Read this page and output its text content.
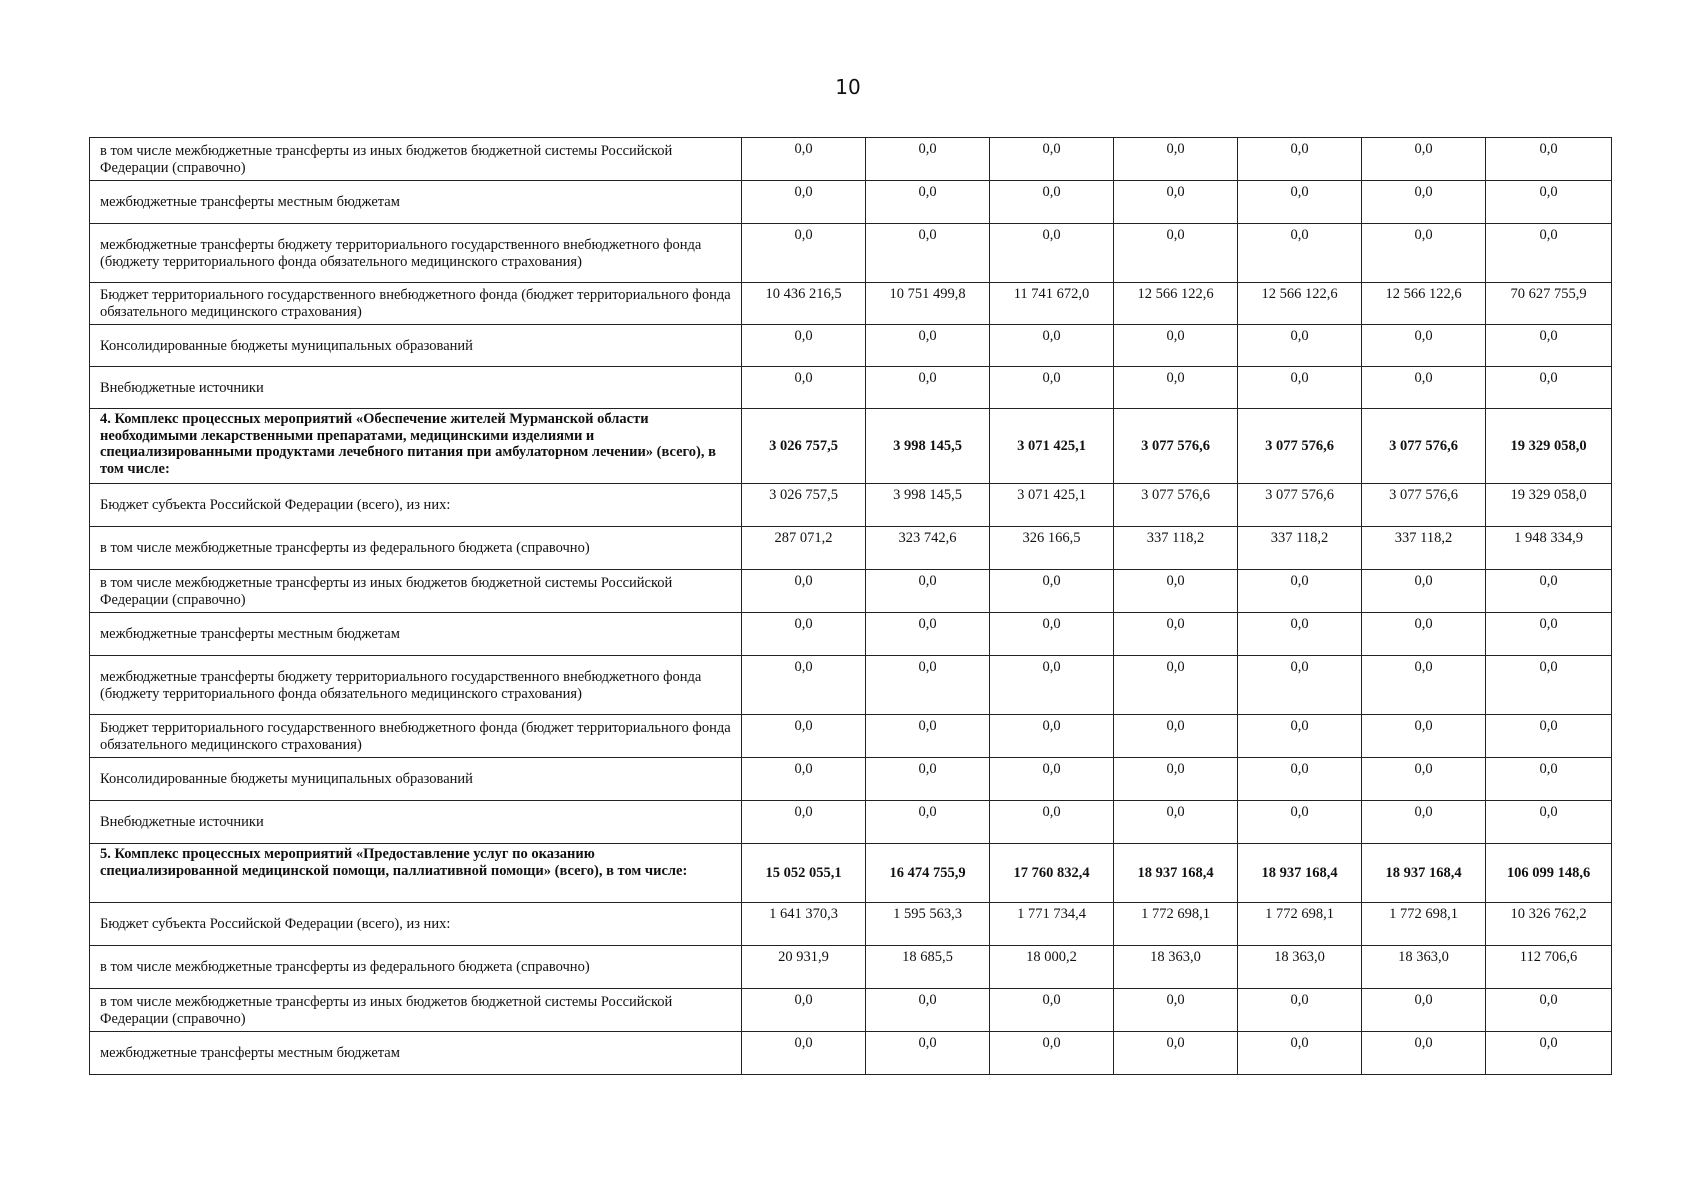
10
в том числе межбюджетные трансферты из иных бюджетов бюджетной системы Российской Федерации (справочно)	0,0	0,0	0,0	0,0	0,0	0,0	0,0
межбюджетные трансферты местным бюджетам	0,0	0,0	0,0	0,0	0,0	0,0	0,0
межбюджетные трансферты бюджету территориального государственного внебюджетного фонда (бюджету территориального фонда обязательного медицинского страхования)	0,0	0,0	0,0	0,0	0,0	0,0	0,0
Бюджет территориального государственного внебюджетного фонда (бюджет территориального фонда обязательного медицинского страхования)	10 436 216,5	10 751 499,8	11 741 672,0	12 566 122,6	12 566 122,6	12 566 122,6	70 627 755,9
Консолидированные бюджеты муниципальных образований	0,0	0,0	0,0	0,0	0,0	0,0	0,0
Внебюджетные источники	0,0	0,0	0,0	0,0	0,0	0,0	0,0
4. Комплекс процессных мероприятий «Обеспечение жителей Мурманской области необходимыми лекарственными препаратами, медицинскими изделиями и специализированными продуктами лечебного питания при амбулаторном лечении» (всего), в том числе:	3 026 757,5	3 998 145,5	3 071 425,1	3 077 576,6	3 077 576,6	3 077 576,6	19 329 058,0
Бюджет субъекта Российской Федерации (всего), из них:	3 026 757,5	3 998 145,5	3 071 425,1	3 077 576,6	3 077 576,6	3 077 576,6	19 329 058,0
в том числе межбюджетные трансферты из федерального бюджета (справочно)	287 071,2	323 742,6	326 166,5	337 118,2	337 118,2	337 118,2	1 948 334,9
в том числе межбюджетные трансферты из иных бюджетов бюджетной системы Российской Федерации (справочно)	0,0	0,0	0,0	0,0	0,0	0,0	0,0
межбюджетные трансферты местным бюджетам	0,0	0,0	0,0	0,0	0,0	0,0	0,0
межбюджетные трансферты бюджету территориального государственного внебюджетного фонда (бюджету территориального фонда обязательного медицинского страхования)	0,0	0,0	0,0	0,0	0,0	0,0	0,0
Бюджет территориального государственного внебюджетного фонда (бюджет территориального фонда обязательного медицинского страхования)	0,0	0,0	0,0	0,0	0,0	0,0	0,0
Консолидированные бюджеты муниципальных образований	0,0	0,0	0,0	0,0	0,0	0,0	0,0
Внебюджетные источники	0,0	0,0	0,0	0,0	0,0	0,0	0,0
5. Комплекс процессных мероприятий «Предоставление услуг по оказанию специализированной медицинской помощи, паллиативной помощи» (всего), в том числе:	15 052 055,1	16 474 755,9	17 760 832,4	18 937 168,4	18 937 168,4	18 937 168,4	106 099 148,6
Бюджет субъекта Российской Федерации (всего), из них:	1 641 370,3	1 595 563,3	1 771 734,4	1 772 698,1	1 772 698,1	1 772 698,1	10 326 762,2
в том числе межбюджетные трансферты из федерального бюджета (справочно)	20 931,9	18 685,5	18 000,2	18 363,0	18 363,0	18 363,0	112 706,6
в том числе межбюджетные трансферты из иных бюджетов бюджетной системы Российской Федерации (справочно)	0,0	0,0	0,0	0,0	0,0	0,0	0,0
межбюджетные трансферты местным бюджетам	0,0	0,0	0,0	0,0	0,0	0,0	0,0
